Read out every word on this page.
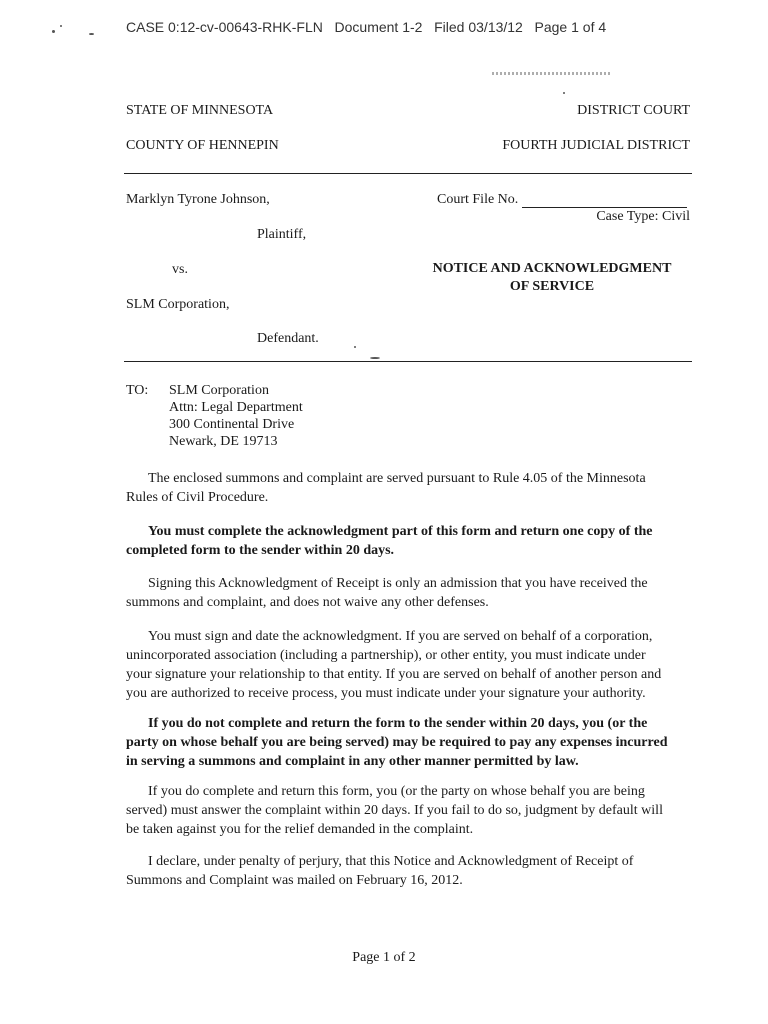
CASE 0:12-cv-00643-RHK-FLN   Document 1-2   Filed 03/13/12   Page 1 of 4
STATE OF MINNESOTA	DISTRICT COURT
COUNTY OF HENNEPIN	FOURTH JUDICIAL DISTRICT
Marklyn Tyrone Johnson,
Plaintiff,
vs.
SLM Corporation,
Defendant.
Court File No.
Case Type: Civil
NOTICE AND ACKNOWLEDGMENT
OF SERVICE
TO: SLM Corporation
Attn: Legal Department
300 Continental Drive
Newark, DE 19713

The enclosed summons and complaint are served pursuant to Rule 4.05 of the Minnesota Rules of Civil Procedure.

You must complete the acknowledgment part of this form and return one copy of the completed form to the sender within 20 days.

Signing this Acknowledgment of Receipt is only an admission that you have received the summons and complaint, and does not waive any other defenses.

You must sign and date the acknowledgment. If you are served on behalf of a corporation, unincorporated association (including a partnership), or other entity, you must indicate under your signature your relationship to that entity. If you are served on behalf of another person and you are authorized to receive process, you must indicate under your signature your authority.

If you do not complete and return the form to the sender within 20 days, you (or the party on whose behalf you are being served) may be required to pay any expenses incurred in serving a summons and complaint in any other manner permitted by law.

If you do complete and return this form, you (or the party on whose behalf you are being served) must answer the complaint within 20 days. If you fail to do so, judgment by default will be taken against you for the relief demanded in the complaint.

I declare, under penalty of perjury, that this Notice and Acknowledgment of Receipt of Summons and Complaint was mailed on February 16, 2012.

Page 1 of 2
